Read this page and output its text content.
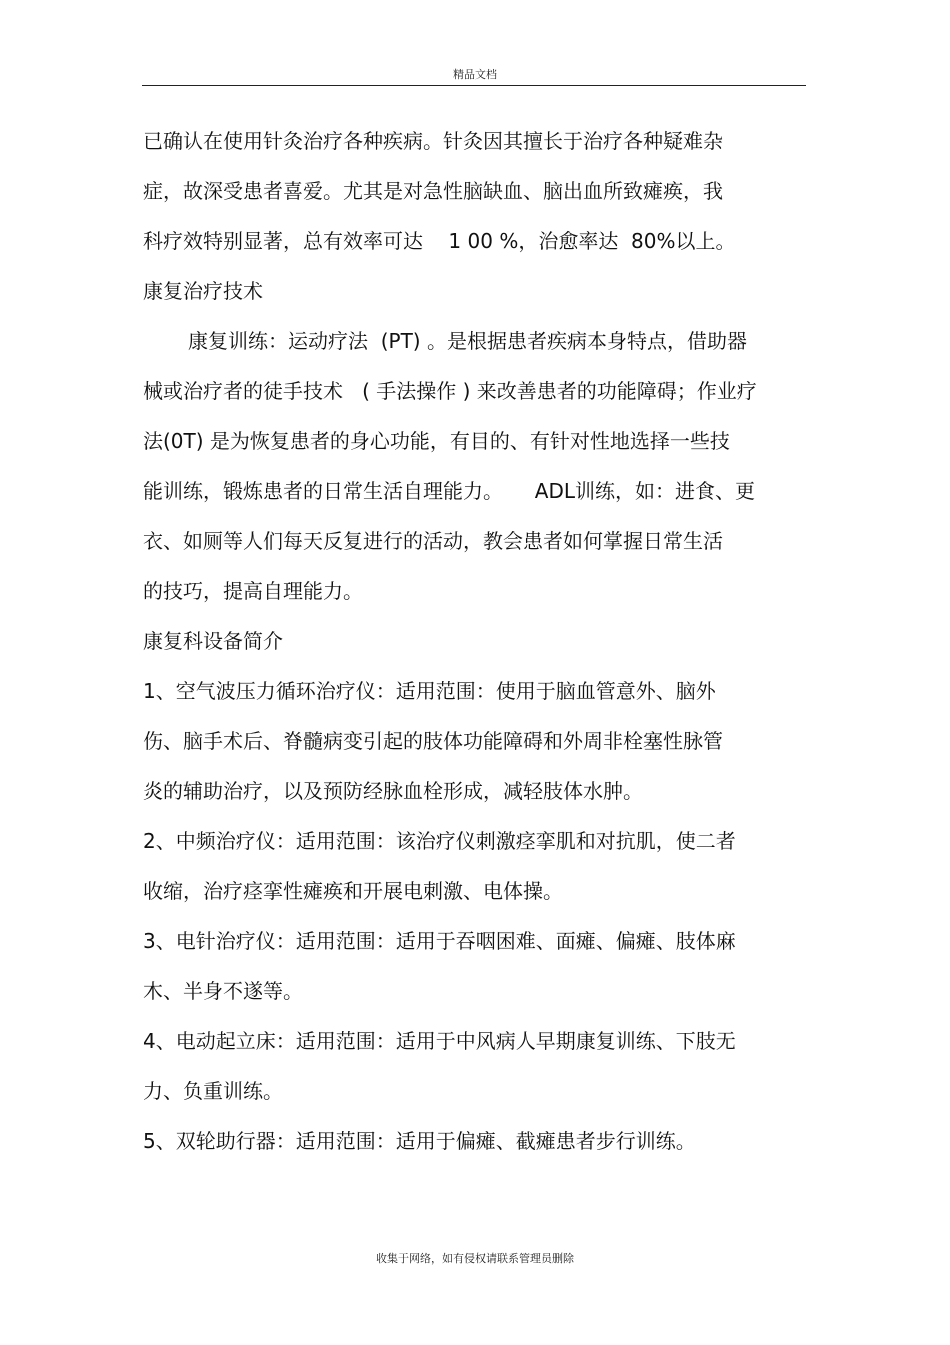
精品文档
已确认在使用针灸治疗各种疾病。针灸因其擅长于治疗各种疑难杂
症，故深受患者喜爱。尤其是对急性脑缺血、脑出血所致瘫痪，我
科疗效特别显著，总有效率可达    1 00 %，治愈率达  80%以上。
康复治疗技术
康复训练：运动疗法  (PT) 。是根据患者疾病本身特点，借助器
械或治疗者的徒手技术   ( 手法操作 ) 来改善患者的功能障碍；作业疗
法(0T) 是为恢复患者的身心功能，有目的、有针对性地选择一些技
能训练，锻炼患者的日常生活自理能力。     ADL训练，如：进食、更
衣、如厕等人们每天反复进行的活动，教会患者如何掌握日常生活
的技巧，提高自理能力。
康复科设备简介
1、空气波压力循环治疗仪：适用范围：使用于脑血管意外、脑外
伤、脑手术后、脊髓病变引起的肢体功能障碍和外周非栓塞性脉管
炎的辅助治疗，以及预防经脉血栓形成，减轻肢体水肿。
2、中频治疗仪：适用范围：该治疗仪刺激痉挛肌和对抗肌，使二者
收缩，治疗痉挛性瘫痪和开展电刺激、电体操。
3、电针治疗仪：适用范围：适用于吞咽困难、面瘫、偏瘫、肢体麻
木、半身不遂等。
4、电动起立床：适用范围：适用于中风病人早期康复训练、下肢无
力、负重训练。
5、双轮助行器：适用范围：适用于偏瘫、截瘫患者步行训练。
收集于网络，如有侵权请联系管理员删除
